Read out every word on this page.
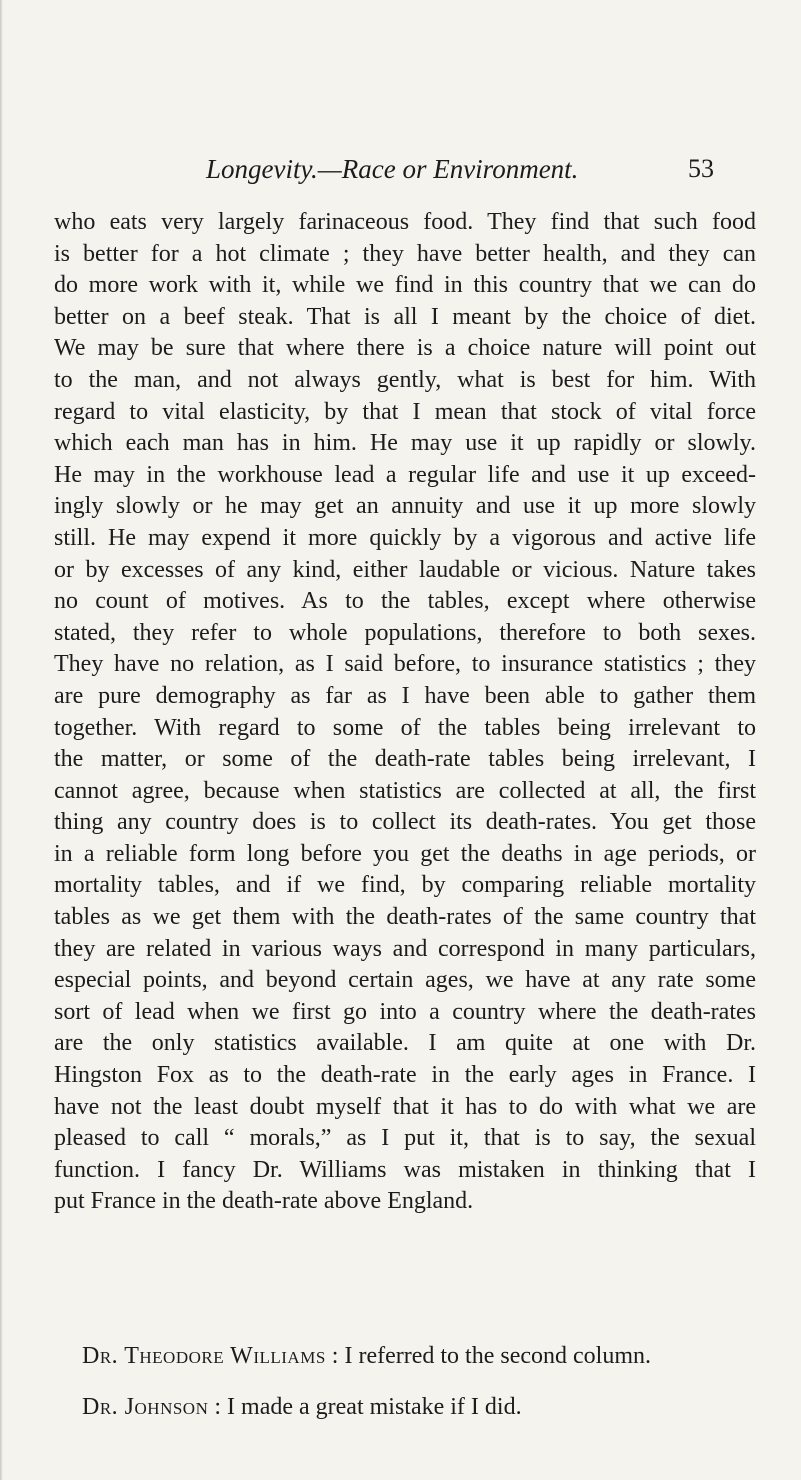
Longevity.—Race or Environment.	53
who eats very largely farinaceous food. They find that such food
is better for a hot climate ; they have better health, and they can
do more work with it, while we find in this country that we can do
better on a beef steak. That is all I meant by the choice of diet.
We may be sure that where there is a choice nature will point out
to the man, and not always gently, what is best for him. With
regard to vital elasticity, by that I mean that stock of vital force
which each man has in him. He may use it up rapidly or slowly.
He may in the workhouse lead a regular life and use it up exceed-
ingly slowly or he may get an annuity and use it up more slowly
still. He may expend it more quickly by a vigorous and active life
or by excesses of any kind, either laudable or vicious. Nature takes
no count of motives. As to the tables, except where otherwise
stated, they refer to whole populations, therefore to both sexes.
They have no relation, as I said before, to insurance statistics ; they
are pure demography as far as I have been able to gather them
together. With regard to some of the tables being irrelevant to
the matter, or some of the death-rate tables being irrelevant, I
cannot agree, because when statistics are collected at all, the first
thing any country does is to collect its death-rates. You get those
in a reliable form long before you get the deaths in age periods, or
mortality tables, and if we find, by comparing reliable mortality
tables as we get them with the death-rates of the same country that
they are related in various ways and correspond in many particulars,
especial points, and beyond certain ages, we have at any rate some
sort of lead when we first go into a country where the death-rates
are the only statistics available. I am quite at one with Dr.
Hingston Fox as to the death-rate in the early ages in France. I
have not the least doubt myself that it has to do with what we are
pleased to call “ morals,” as I put it, that is to say, the sexual
function. I fancy Dr. Williams was mistaken in thinking that I
put France in the death-rate above England.
Dr. Theodore Williams : I referred to the second column.
Dr. Johnson : I made a great mistake if I did.
